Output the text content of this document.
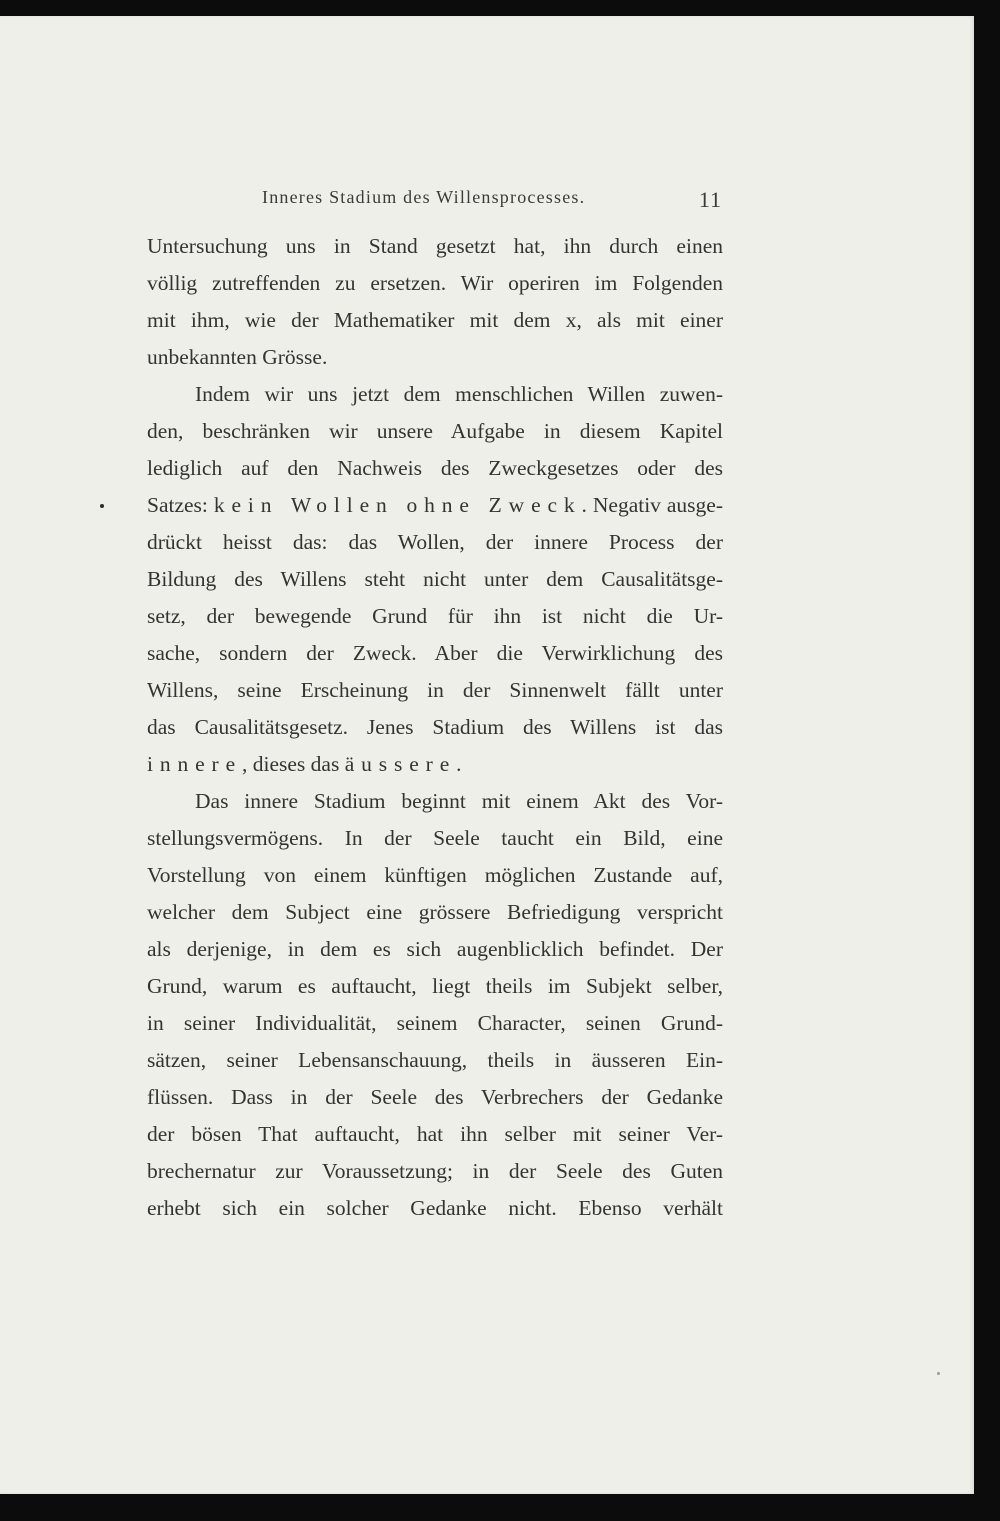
Inneres Stadium des Willensprocesses.	11
Untersuchung uns in Stand gesetzt hat, ihn durch einen
völlig zutreffenden zu ersetzen. Wir operiren im Folgenden
mit ihm, wie der Mathematiker mit dem x, als mit einer
unbekannten Grösse.
Indem wir uns jetzt dem menschlichen Willen zuwen-
den, beschränken wir unsere Aufgabe in diesem Kapitel
lediglich auf den Nachweis des Zweckgesetzes oder des
Satzes: kein Wollen ohne Zweck. Negativ ausge-
drückt heisst das: das Wollen, der innere Process der
Bildung des Willens steht nicht unter dem Causalitätsge-
setz, der bewegende Grund für ihn ist nicht die Ur-
sache, sondern der Zweck. Aber die Verwirklichung des
Willens, seine Erscheinung in der Sinnenwelt fällt unter
das Causalitätsgesetz. Jenes Stadium des Willens ist das
innere, dieses das äussere.
Das innere Stadium beginnt mit einem Akt des Vor-
stellungsvermögens. In der Seele taucht ein Bild, eine
Vorstellung von einem künftigen möglichen Zustande auf,
welcher dem Subject eine grössere Befriedigung verspricht
als derjenige, in dem es sich augenblicklich befindet. Der
Grund, warum es auftaucht, liegt theils im Subjekt selber,
in seiner Individualität, seinem Character, seinen Grund-
sätzen, seiner Lebensanschauung, theils in äusseren Ein-
flüssen. Dass in der Seele des Verbrechers der Gedanke
der bösen That auftaucht, hat ihn selber mit seiner Ver-
brechernatur zur Voraussetzung; in der Seele des Guten
erhebt sich ein solcher Gedanke nicht. Ebenso verhält
